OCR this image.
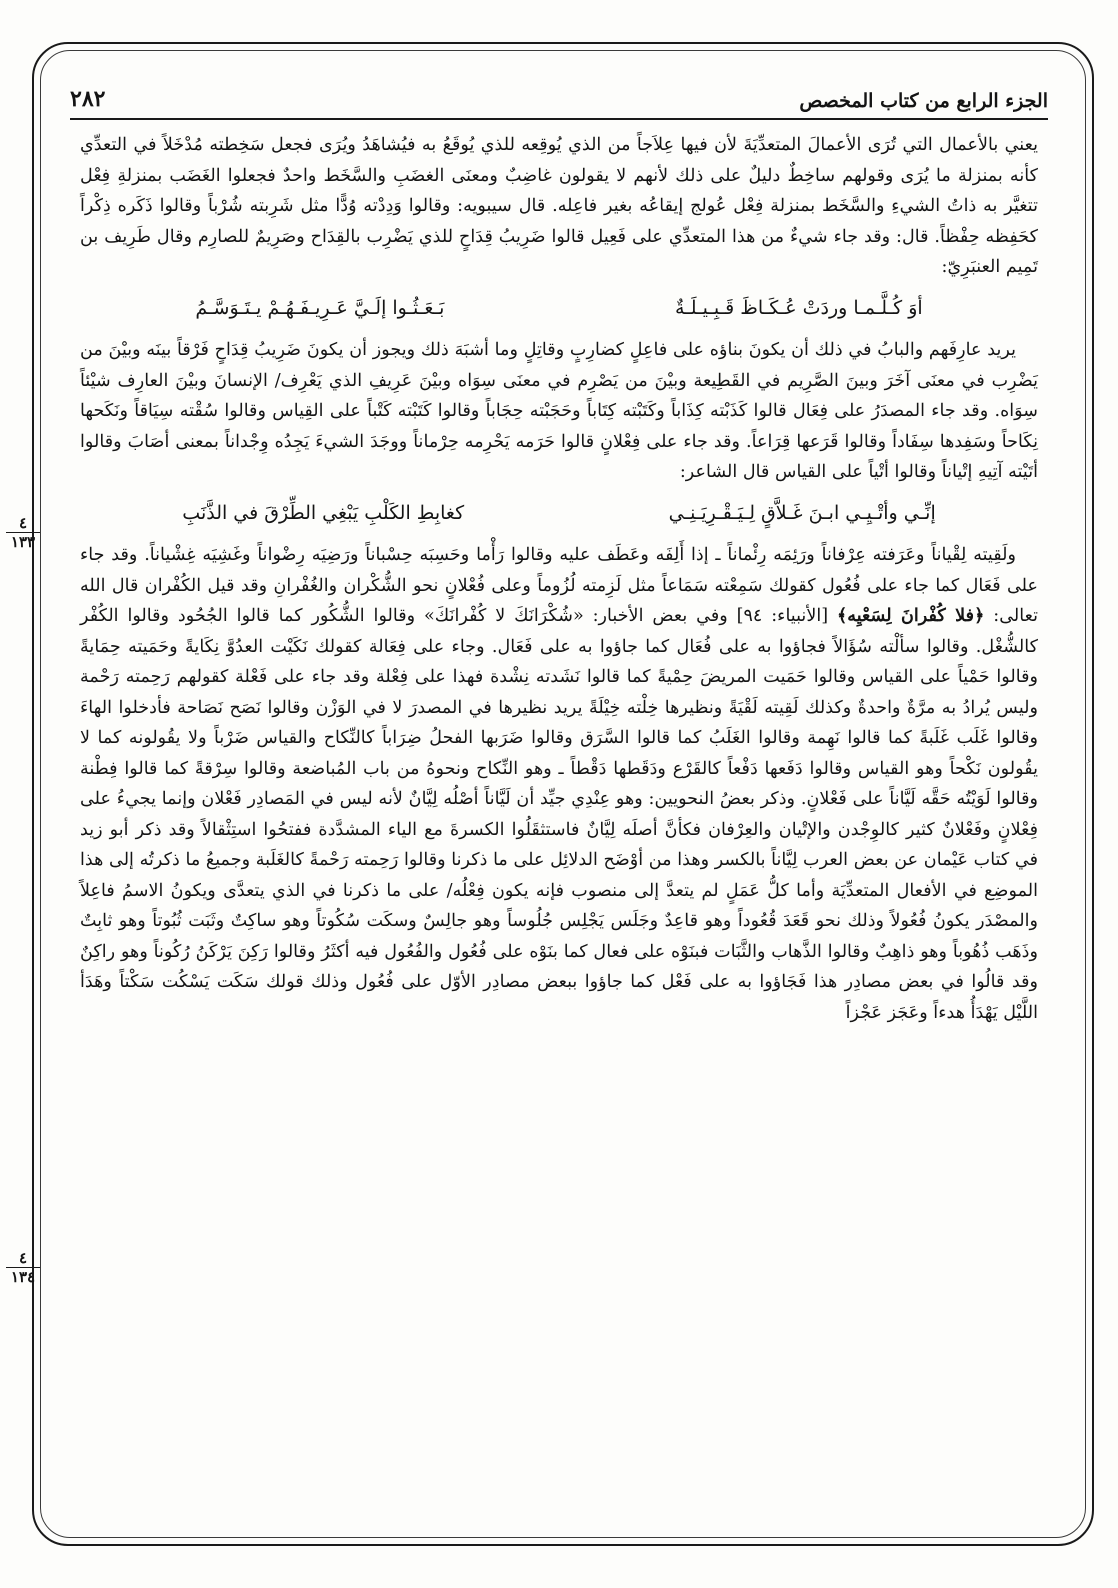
الجزء الرابع من كتاب المخصص
٢٨٢
٤
١٣٣
٤
١٣٤

يعني بالأعمال التي تُرَى الأعمالَ المتعدِّيَةَ لأن فيها عِلاَجاً من الذي يُوقِعه للذي يُوقَعُ به فيُشاهَدُ ويُرَى فجعل سَخِطته مُدْخَلاً في التعدِّي كأنه بمنزلة ما يُرَى وقولهم ساخِطٌ دليلٌ على ذلك لأنهم لا يقولون غاضِبٌ ومعنَى الغضَبِ والسَّخَط واحدٌ فجعلوا الغَضَب بمنزلةِ فِعْل تتغيَّر به ذاتُ الشيءِ والسَّخَط بمنزلة فِعْل عُولج إيقاعُه بغير فاعِله. قال سيبويه: وقالوا وَدِدْته وُدًّا مثل شَرِبته شُرْباً وقالوا ذَكَره ذِكْراً كحَفِظه حِفْظاً. قال: وقد جاء شيءٌ من هذا المتعدِّي على فَعِيل قالوا ضَرِيبُ قِدَاحٍ للذي يَضْرِب بالقِدَاح وصَرِيمٌ للصارِم وقال طَرِيف بن تَمِيم العنبَرِيّ:

أوَ كُـلَّـمـا وردَتْ عُـكَـاظَ قَـبِـيـلَـةٌ
بَـعَـثُـوا إلَـيَّ عَـرِيـفَـهُـمْ يـتَـوَسَّـمُ

يريد عارِفَهم والبابُ في ذلك أن يكونَ بناؤه على فاعِلٍ كضارِبٍ وقاتِلٍ وما أشبَهَ ذلك ويجوز أن يكونَ ضَرِيبُ قِدَاحٍ فَرْقاً بينَه وبيْنَ من يَضْرِب في معنَى آخَرَ وبينَ الصَّرِيم في القَطِيعة وبيْنَ من يَصْرِم في معنَى سِوَاه وبيْنَ عَرِيفِ الذي يَعْرِف/ الإنسانَ وبيْنَ العارِف شيْئاً سِوَاه. وقد جاء المصدَرُ على فِعَال قالوا كَذَبْته كِذَاباً وكَتَبْته كِتَاباً وحَجَبْته حِجَاباً وقالوا كَتَبْته كَتْباً على القِياس وقالوا سُقْته سِيَاقاً ونَكَحها نِكَاحاً وسَفِدها سِفَاداً وقالوا قَرَعها قِرَاعاً. وقد جاء على فِعْلانٍ قالوا حَرَمه يَحْرِمه حِرْماناً ووجَدَ الشيءَ يَجِدُه وِجْداناً بمعنى أصَابَ وقالوا أتَيْته آتِيهِ إتْياناً وقالوا أتْياً على القياس قال الشاعر:

إنِّـي وأتْـيِـي ابـنَ غَـلاَّقٍ لِـيَـقْـرِيَـنِـي
كغابِطِ الكَلْبِ يَبْغِي الطِّرْقَ في الذَّنَبِ

ولَقِيته لِقْياناً وعَرَفته عِرْفاناً ورَئِمَه رِئْماناً ـ إذا أَلِفَه وعَطَف عليه وقالوا رَأْما وحَسِبَه حِسْباناً ورَضِيَه رِضْواناً وغَشِيَه غِشْياناً. وقد جاء على فَعَال كما جاء على فُعُول كقولك سَمِعْته سَمَاعاً مثل لَزِمته لُزُوماً وعلى فُعْلانٍ نحو الشُّكْران والغُفْرانِ وقد قيل الكُفْران قال الله تعالى: ﴿فلا كُفْرانَ لِسَعْيِه﴾ [الأنبياء: ٩٤] وفي بعض الأخبار: «شُكْرَانَكَ لا كُفْرانَكَ» وقالوا الشُّكُور كما قالوا الجُحُود وقالوا الكُفْر كالشُّغْل. وقالوا سألْته سُؤَالاً فجاؤوا به على فُعَال كما جاؤوا به على فَعَال. وجاء على فِعَالة كقولك نَكَيْت العدُوَّ نِكَايةً وحَمَيته حِمَايةً وقالوا حَمْياً على القياس وقالوا حَمَيت المريضَ حِمْيةً كما قالوا نَشَدته نِشْدة فهذا على فِعْلة وقد جاء على فَعْلة كقولهم رَحِمته رَحْمة وليس يُرادُ به مرَّةٌ واحدةٌ وكذلك لَقِيته لَقْيَةً ونظيرها خِلْته خِيْلَةً يريد نظيرها في المصدرَ لا في الوَزْن وقالوا نَصَح نَصَاحة فأدخلوا الهاءَ وقالوا غَلَب غَلَبةً كما قالوا نَهِمة وقالوا الغَلَبُ كما قالوا السَّرَق وقالوا ضَرَبها الفحلُ ضِرَاباً كالنِّكاح والقياس ضَرْباً ولا يقُولونه كما لا يقُولون نَكْحاً وهو القياس وقالوا دَفَعها دَفْعاً كالقَرْع ودَقَطها دَقْطاً ـ وهو النِّكاح ونحوهُ من باب المُباضعة وقالوا سِرْقةً كما قالوا فِطْنة وقالوا لَوَيْتُه حَقَّه لَيَّاناً على فَعْلانٍ. وذكر بعضُ النحويين: وهو عِنْدِي جيِّد أن لَيَّاناً أصْلُه لِيَّانٌ لأنه ليس في المَصادِر فَعْلان وإنما يجيءُ على فِعْلانٍ وفَعْلانٌ كثير كالوِجْدن والإتْيان والعِرْفان فكأنَّ أصلَه لِيَّانٌ فاستثقَلُوا الكسرةَ مع الياء المشدَّدة ففتحُوا استِثْقالاً وقد ذكر أبو زيد في كتاب عَيْمان عن بعض العرب لِيَّاناً بالكسر وهذا من أوْضَح الدلائِل على ما ذكرنا وقالوا رَحِمته رَحْمةً كالغَلَبة وجميعُ ما ذكرتُه إلى هذا الموضِع في الأفعال المتعدِّيَة وأما كلُّ عَمَلٍ لم يتعدَّ إلى منصوب فإنه يكون فِعْلُه/ على ما ذكرنا في الذي يتعدَّى ويكونُ الاسمُ فاعِلاً والمصْدَر يكونُ فُعُولاً وذلك نحو قَعَدَ قُعُوداً وهو قاعِدٌ وجَلَس يَجْلِس جُلُوساً وهو جالِسٌ وسكَت سُكُوتاً وهو ساكِتٌ وثَبَت ثُبُوتاً وهو ثابِتٌ وذَهَب ذُهُوباً وهو ذاهِبٌ وقالوا الذَّهاب والثَّبَات فبنَوْه على فعال كما بنَوْه على فُعُول والفُعُول فيه أكثَرُ وقالوا رَكِنَ يَرْكَنُ رُكُوناً وهو راكِنٌ وقد قالُوا في بعض مصادِر هذا فَجَاؤوا به على فَعْل كما جاؤوا ببعض مصادِر الأوّل على فُعُول وذلك قولك سَكَت يَسْكُت سَكْتاً وهَدَأ اللَّيْل يَهْدَأُ هدءاً وعَجَز عَجْزاً
